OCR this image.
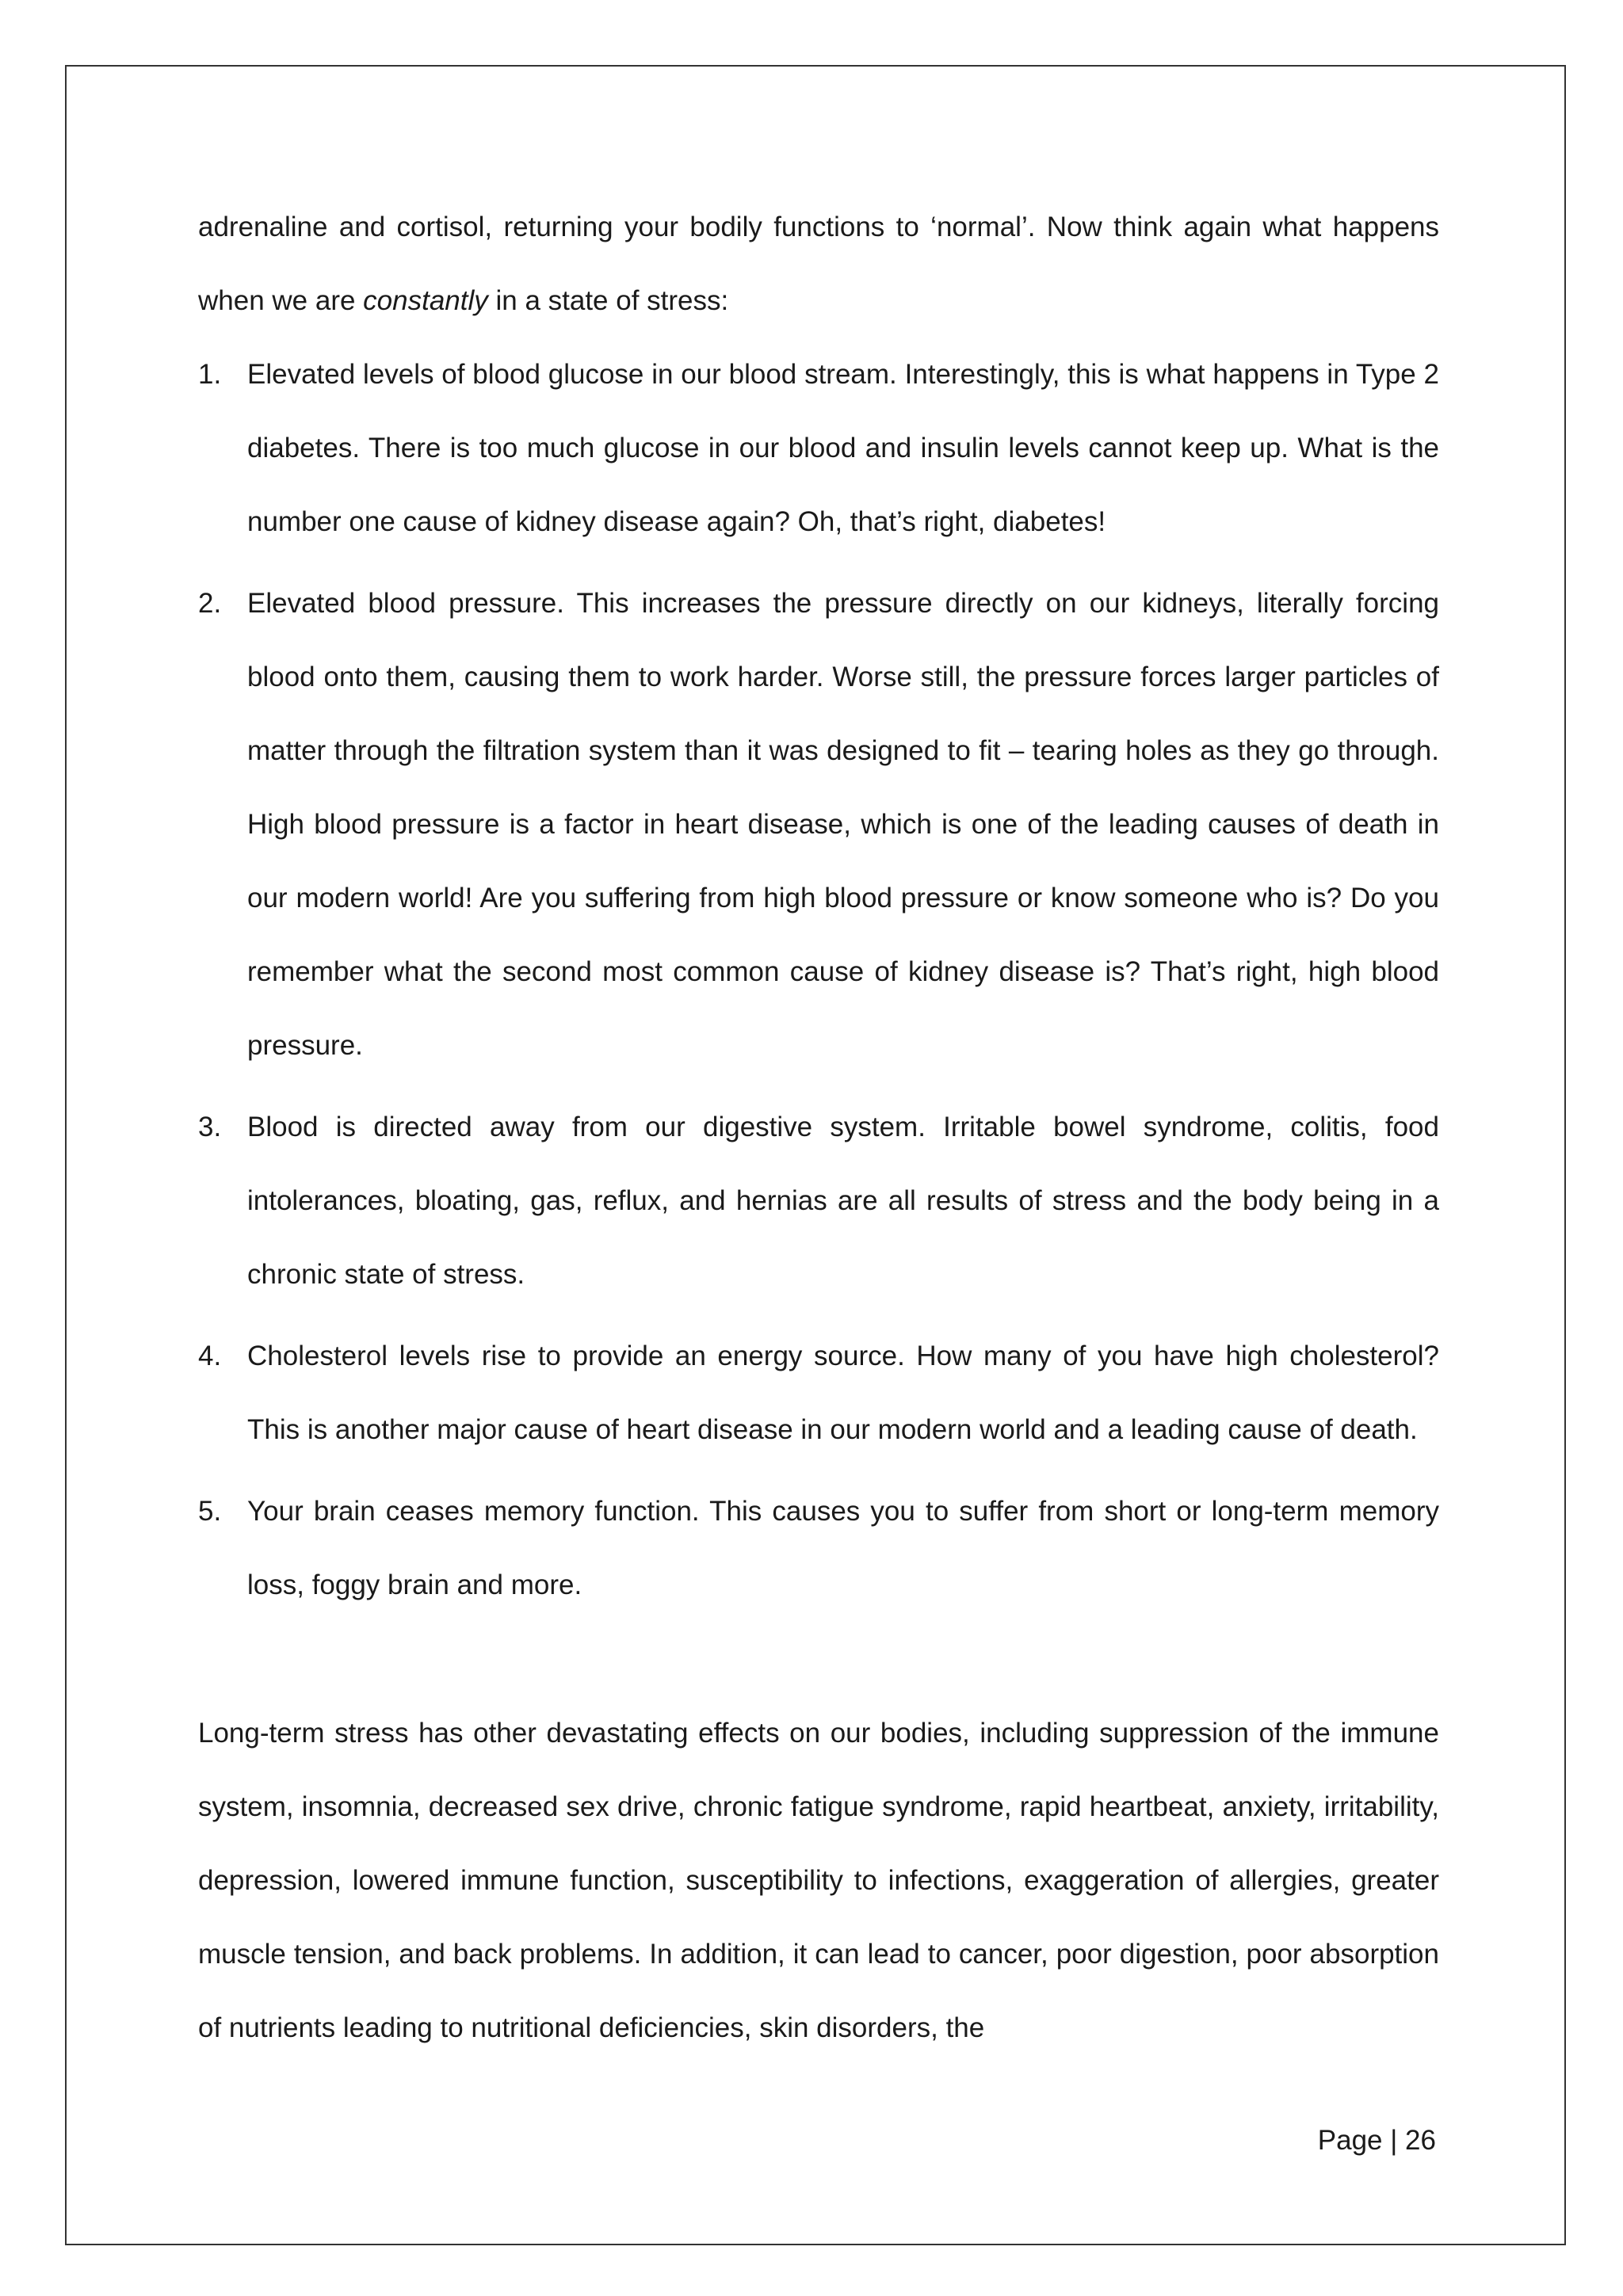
adrenaline and cortisol, returning your bodily functions to ‘normal’. Now think again what happens when we are constantly in a state of stress:

1. Elevated levels of blood glucose in our blood stream. Interestingly, this is what happens in Type 2 diabetes. There is too much glucose in our blood and insulin levels cannot keep up. What is the number one cause of kidney disease again? Oh, that’s right, diabetes!
2. Elevated blood pressure. This increases the pressure directly on our kidneys, literally forcing blood onto them, causing them to work harder. Worse still, the pressure forces larger particles of matter through the filtration system than it was designed to fit – tearing holes as they go through. High blood pressure is a factor in heart disease, which is one of the leading causes of death in our modern world! Are you suffering from high blood pressure or know someone who is? Do you remember what the second most common cause of kidney disease is? That’s right, high blood pressure.
3. Blood is directed away from our digestive system. Irritable bowel syndrome, colitis, food intolerances, bloating, gas, reflux, and hernias are all results of stress and the body being in a chronic state of stress.
4. Cholesterol levels rise to provide an energy source. How many of you have high cholesterol? This is another major cause of heart disease in our modern world and a leading cause of death.
5. Your brain ceases memory function. This causes you to suffer from short or long-term memory loss, foggy brain and more.

Long-term stress has other devastating effects on our bodies, including suppression of the immune system, insomnia, decreased sex drive, chronic fatigue syndrome, rapid heartbeat, anxiety, irritability, depression, lowered immune function, susceptibility to infections, exaggeration of allergies, greater muscle tension, and back problems. In addition, it can lead to cancer, poor digestion, poor absorption of nutrients leading to nutritional deficiencies, skin disorders, the

Page | 26
